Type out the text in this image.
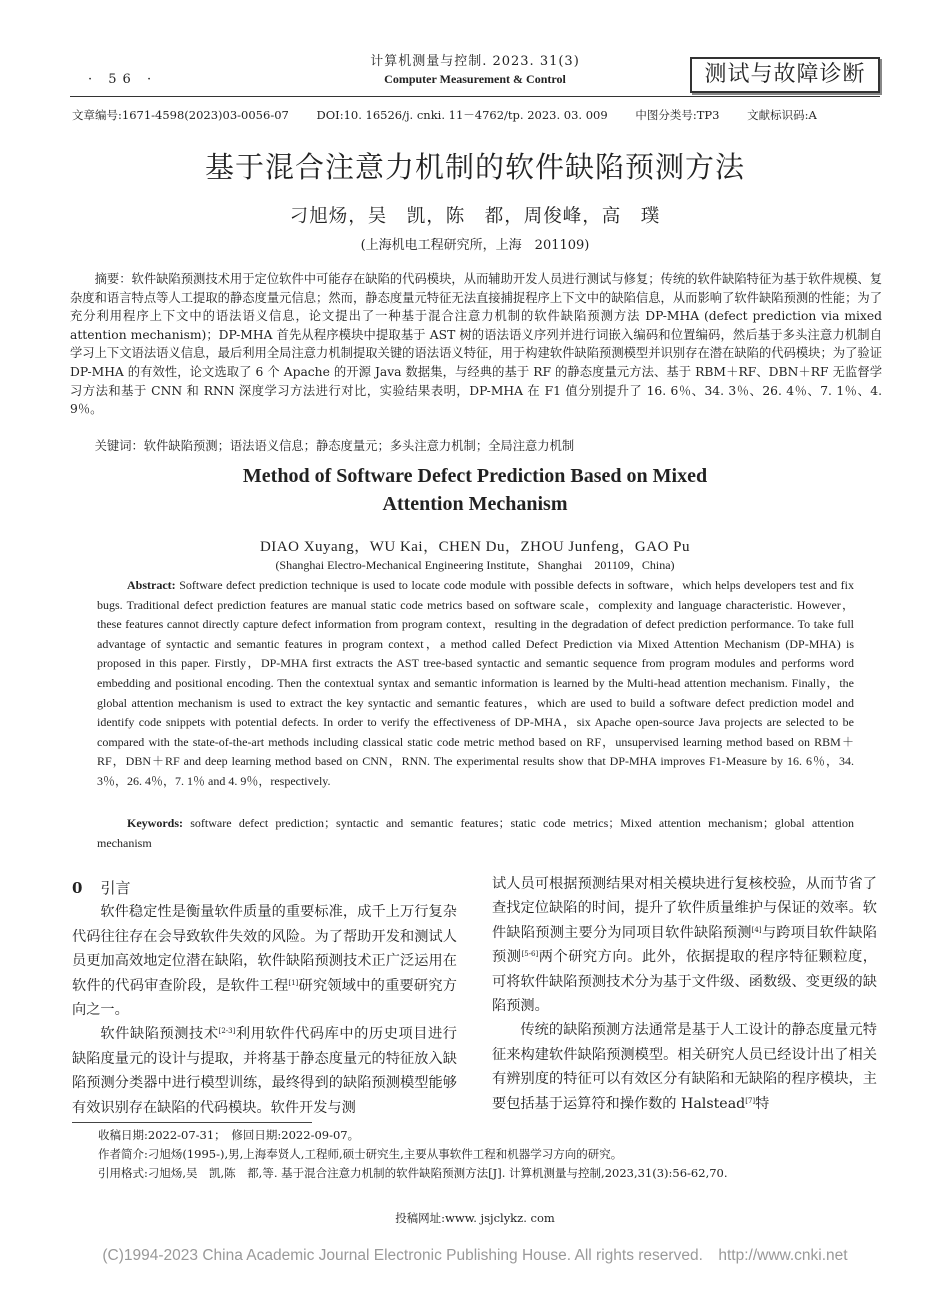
· 56 ·
计算机测量与控制. 2023. 31(3)
Computer Measurement & Control	测试与故障诊断
文章编号:1671-4598(2023)03-0056-07 DOI:10. 16526/j. cnki. 11－4762/tp. 2023. 03. 009 中图分类号:TP3 文献标识码:A
基于混合注意力机制的软件缺陷预测方法
刁旭炀，吴　凯，陈　都，周俊峰，高　璞
(上海机电工程研究所，上海　201109)
摘要：软件缺陷预测技术用于定位软件中可能存在缺陷的代码模块，从而辅助开发人员进行测试与修复；传统的软件缺陷特征为基于软件规模、复杂度和语言特点等人工提取的静态度量元信息；然而，静态度量元特征无法直接捕捉程序上下文中的缺陷信息，从而影响了软件缺陷预测的性能；为了充分利用程序上下文中的语法语义信息，论文提出了一种基于混合注意力机制的软件缺陷预测方法 DP-MHA (defect prediction via mixed attention mechanism)；DP-MHA 首先从程序模块中提取基于 AST 树的语法语义序列并进行词嵌入编码和位置编码，然后基于多头注意力机制自学习上下文语法语义信息，最后利用全局注意力机制提取关键的语法语义特征，用于构建软件缺陷预测模型并识别存在潜在缺陷的代码模块；为了验证 DP-MHA 的有效性，论文选取了 6 个 Apache 的开源 Java 数据集，与经典的基于 RF 的静态度量元方法、基于 RBM＋RF、DBN＋RF 无监督学习方法和基于 CNN 和 RNN 深度学习方法进行对比，实验结果表明，DP-MHA 在 F1 值分别提升了 16. 6％、34. 3％、26. 4％、7. 1％、4. 9％。
关键词：软件缺陷预测；语法语义信息；静态度量元；多头注意力机制；全局注意力机制
Method of Software Defect Prediction Based on Mixed
Attention Mechanism
DIAO Xuyang，WU Kai，CHEN Du，ZHOU Junfeng，GAO Pu
(Shanghai Electro-Mechanical Engineering Institute，Shanghai　201109，China)
Abstract: Software defect prediction technique is used to locate code module with possible defects in software，which helps developers test and fix bugs. Traditional defect prediction features are manual static code metrics based on software scale，complexity and language characteristic. However，these features cannot directly capture defect information from program context，resulting in the degradation of defect prediction performance. To take full advantage of syntactic and semantic features in program context，a method called Defect Prediction via Mixed Attention Mechanism (DP-MHA) is proposed in this paper. Firstly，DP-MHA first extracts the AST tree-based syntactic and semantic sequence from program modules and performs word embedding and positional encoding. Then the contextual syntax and semantic information is learned by the Multi-head attention mechanism. Finally，the global attention mechanism is used to extract the key syntactic and semantic features，which are used to build a software defect prediction model and identify code snippets with potential defects. In order to verify the effectiveness of DP-MHA，six Apache open-source Java projects are selected to be compared with the state-of-the-art methods including classical static code metric method based on RF，unsupervised learning method based on RBM＋RF，DBN＋RF and deep learning method based on CNN，RNN. The experimental results show that DP-MHA improves F1-Measure by 16. 6％，34. 3％，26. 4％，7. 1％ and 4. 9％，respectively.
Keywords: software defect prediction；syntactic and semantic features；static code metrics；Mixed attention mechanism；global attention mechanism

0 引言

软件稳定性是衡量软件质量的重要标准，成千上万行复杂代码往往存在会导致软件失效的风险。为了帮助开发和测试人员更加高效地定位潜在缺陷，软件缺陷预测技术正广泛运用在软件的代码审查阶段，是软件工程[1]研究领域中的重要研究方向之一。

软件缺陷预测技术[2-3]利用软件代码库中的历史项目进行缺陷度量元的设计与提取，并将基于静态度量元的特征放入缺陷预测分类器中进行模型训练，最终得到的缺陷预测模型能够有效识别存在缺陷的代码模块。软件开发与测

试人员可根据预测结果对相关模块进行复核校验，从而节省了查找定位缺陷的时间，提升了软件质量维护与保证的效率。软件缺陷预测主要分为同项目软件缺陷预测[4]与跨项目软件缺陷预测[5-6]两个研究方向。此外，依据提取的程序特征颗粒度，可将软件缺陷预测技术分为基于文件级、函数级、变更级的缺陷预测。

传统的缺陷预测方法通常是基于人工设计的静态度量元特征来构建软件缺陷预测模型。相关研究人员已经设计出了相关有辨别度的特征可以有效区分有缺陷和无缺陷的程序模块，主要包括基于运算符和操作数的 Halstead[7]特

收稿日期:2022-07-31；　修回日期:2022-09-07。
作者简介:刁旭炀(1995-),男,上海奉贤人,工程师,硕士研究生,主要从事软件工程和机器学习方向的研究。
引用格式:刁旭炀,吴　凯,陈　都,等. 基于混合注意力机制的软件缺陷预测方法[J]. 计算机测量与控制,2023,31(3):56-62,70.
投稿网址:www. jsjclykz. com
(C)1994-2023 China Academic Journal Electronic Publishing House. All rights reserved.　http://www.cnki.net
